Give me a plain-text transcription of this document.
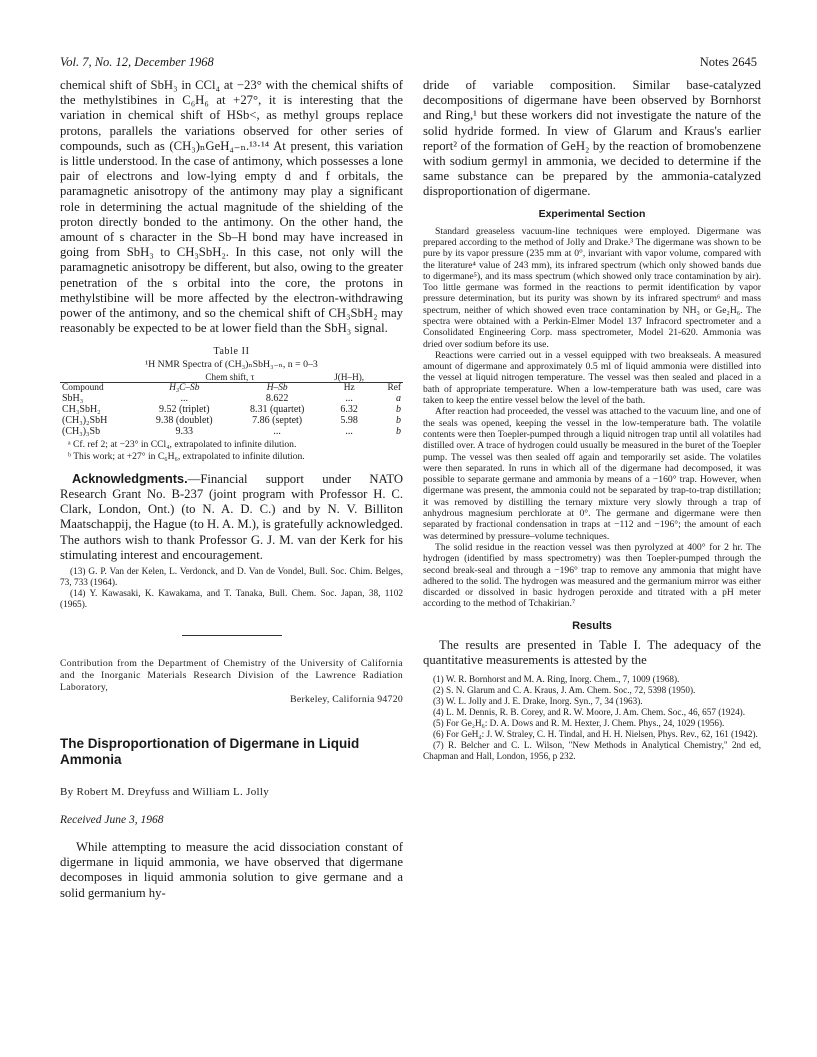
Vol. 7, No. 12, December 1968	Notes 2645

chemical shift of SbH₃ in CCl₄ at −23° with the chemical shifts of the methylstibines in C₆H₆ at +27°, it is interesting that the variation in chemical shift of HSb<, as methyl groups replace protons, parallels the variations observed for other series of compounds, such as (CH₃)ₙGeH₄₋ₙ.¹³·¹⁴ At present, this variation is little understood. In the case of antimony, which possesses a lone pair of electrons and low-lying empty d and f orbitals, the paramagnetic anisotropy of the antimony may play a significant role in determining the actual magnitude of the shielding of the proton directly bonded to the antimony. On the other hand, the amount of s character in the Sb–H bond may have increased in going from SbH₃ to CH₃SbH₂. In this case, not only will the paramagnetic anisotropy be different, but also, owing to the greater penetration of the s orbital into the core, the protons in methylstibine will be more affected by the electron-withdrawing power of the antimony, and so the chemical shift of CH₃SbH₂ may reasonably be expected to be at lower field than the SbH₃ signal.

Table II
¹H NMR Spectra of (CH₃)ₙSbH₃₋ₙ, n = 0–3
	Chem shift, τ		J(H–H),	
Compound	H₃C–Sb	H–Sb	Hz	Ref
SbH₃	...	8.622	...	a
CH₃SbH₂	9.52 (triplet)	8.31 (quartet)	6.32	b
(CH₃)₂SbH	9.38 (doublet)	7.86 (septet)	5.98	b
(CH₃)₃Sb	9.33	...	...	b
ᵃ Cf. ref 2; at −23° in CCl₄, extrapolated to infinite dilution.
ᵇ This work; at +27° in C₆H₆, extrapolated to infinite dilution.
Acknowledgments.—Financial support under NATO Research Grant No. B-237 (joint program with Professor H. C. Clark, London, Ont.) (to N. A. D. C.) and by N. V. Billiton Maatschappij, the Hague (to H. A. M.), is gratefully acknowledged. The authors wish to thank Professor G. J. M. van der Kerk for his stimulating interest and encouragement.
(13) G. P. Van der Kelen, L. Verdonck, and D. Van de Vondel, Bull. Soc. Chim. Belges, 73, 733 (1964).
(14) Y. Kawasaki, K. Kawakama, and T. Tanaka, Bull. Chem. Soc. Japan, 38, 1102 (1965).
Contribution from the Department of Chemistry of the University of California and the Inorganic Materials Research Division of the Lawrence Radiation Laboratory,
Berkeley, California 94720
The Disproportionation of Digermane in Liquid Ammonia
By Robert M. Dreyfuss and William L. Jolly
Received June 3, 1968

While attempting to measure the acid dissociation constant of digermane in liquid ammonia, we have observed that digermane decomposes in liquid ammonia solution to give germane and a solid germanium hy-

dride of variable composition. Similar base-catalyzed decompositions of digermane have been observed by Bornhorst and Ring,¹ but these workers did not investigate the nature of the solid hydride formed. In view of Glarum and Kraus's earlier report² of the formation of GeH₂ by the reaction of bromobenzene with sodium germyl in ammonia, we decided to determine if the same substance can be prepared by the ammonia-catalyzed disproportionation of digermane.

Experimental Section

Standard greaseless vacuum-line techniques were employed. Digermane was prepared according to the method of Jolly and Drake.³ The digermane was shown to be pure by its vapor pressure (235 mm at 0°, invariant with vapor volume, compared with the literature⁴ value of 243 mm), its infrared spectrum (which only showed bands due to digermane⁵), and its mass spectrum (which showed only trace contamination by air). Too little germane was formed in the reactions to permit identification by vapor pressure determination, but its purity was shown by its infrared spectrum⁶ and mass spectrum, neither of which showed even trace contamination by NH₃ or Ge₂H₆. The spectra were obtained with a Perkin-Elmer Model 137 Infracord spectrometer and a Consolidated Engineering Corp. mass spectrometer, Model 21-620. Ammonia was dried over sodium before its use.

Reactions were carried out in a vessel equipped with two breakseals. A measured amount of digermane and approximately 0.5 ml of liquid ammonia were distilled into the vessel at liquid nitrogen temperature. The vessel was then sealed and placed in a bath of appropriate temperature. When a low-temperature bath was used, care was taken to keep the entire vessel below the level of the bath.

After reaction had proceeded, the vessel was attached to the vacuum line, and one of the seals was opened, keeping the vessel in the low-temperature bath. The volatile contents were then Toepler-pumped through a liquid nitrogen trap until all volatiles had distilled over. A trace of hydrogen could usually be measured in the buret of the Toepler pump. The vessel was then sealed off again and temporarily set aside. The volatiles were then separated. In runs in which all of the digermane had decomposed, it was possible to separate germane and ammonia by means of a −160° trap. However, when digermane was present, the ammonia could not be separated by trap-to-trap distillation; it was removed by distilling the ternary mixture very slowly through a trap of anhydrous magnesium perchlorate at 0°. The germane and digermane were then separated by fractional condensation in traps at −112 and −196°; the amount of each was determined by pressure–volume techniques.

The solid residue in the reaction vessel was then pyrolyzed at 400° for 2 hr. The hydrogen (identified by mass spectrometry) was then Toepler-pumped through the second break-seal and through a −196° trap to remove any ammonia that might have adhered to the solid. The hydrogen was measured and the germanium mirror was either discarded or dissolved in basic hydrogen peroxide and titrated with a pH meter according to the method of Tchakirian.⁷

Results

The results are presented in Table I. The adequacy of the quantitative measurements is attested by the

(1) W. R. Bornhorst and M. A. Ring, Inorg. Chem., 7, 1009 (1968).
(2) S. N. Glarum and C. A. Kraus, J. Am. Chem. Soc., 72, 5398 (1950).
(3) W. L. Jolly and J. E. Drake, Inorg. Syn., 7, 34 (1963).
(4) L. M. Dennis, R. B. Corey, and R. W. Moore, J. Am. Chem. Soc., 46, 657 (1924).
(5) For Ge₂H₆: D. A. Dows and R. M. Hexter, J. Chem. Phys., 24, 1029 (1956).
(6) For GeH₄: J. W. Straley, C. H. Tindal, and H. H. Nielsen, Phys. Rev., 62, 161 (1942).
(7) R. Belcher and C. L. Wilson, "New Methods in Analytical Chemistry," 2nd ed, Chapman and Hall, London, 1956, p 232.
